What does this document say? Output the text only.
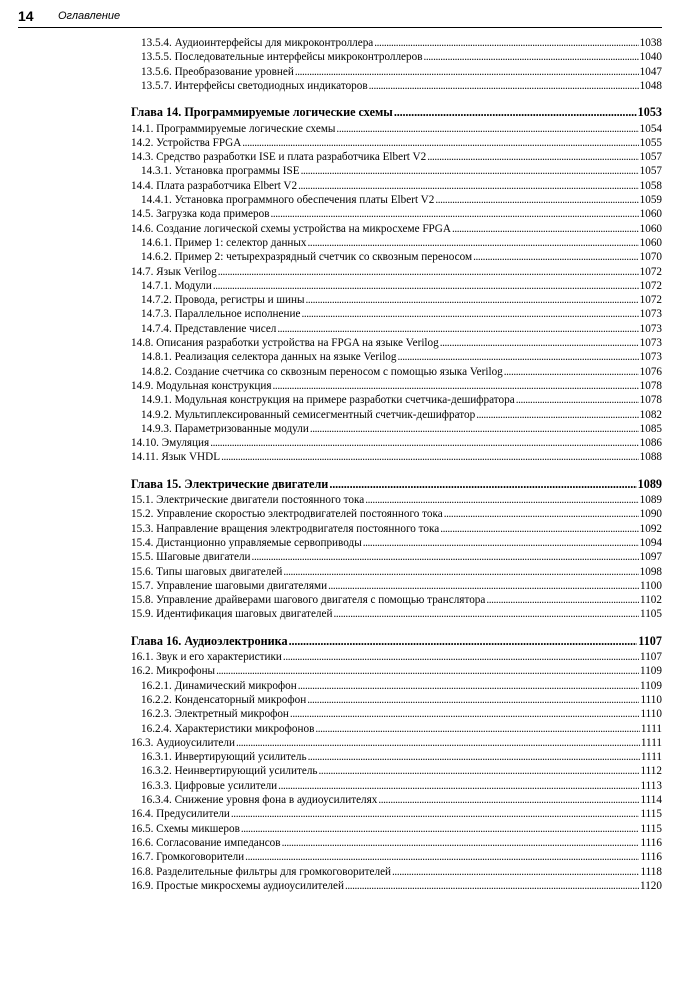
14 Оглавление
13.5.4. Аудиоинтерфейсы для микроконтроллера . . .	1038
13.5.5. Последовательные интерфейсы микроконтроллеров . . .	1040
13.5.6. Преобразование уровней . . .	1047
13.5.7. Интерфейсы светодиодных индикаторов . . .	1048
Глава 14. Программируемые логические схемы . . .	1053
14.1. Программируемые логические схемы . . .	1054
14.2. Устройства FPGA . . .	1055
14.3. Средство разработки ISE и плата разработчика Elbert V2 . . .	1057
14.3.1. Установка программы ISE . . .	1057
14.4. Плата разработчика Elbert V2 . . .	1058
14.4.1. Установка программного обеспечения платы Elbert V2 . . .	1059
14.5. Загрузка кода примеров . . .	1060
14.6. Создание логической схемы устройства на микросхеме FPGA . . .	1060
14.6.1. Пример 1: селектор данных . . .	1060
14.6.2. Пример 2: четырехразрядный счетчик со сквозным переносом . . .	1070
14.7. Язык Verilog . . .	1072
14.7.1. Модули . . .	1072
14.7.2. Провода, регистры и шины . . .	1072
14.7.3. Параллельное исполнение . . .	1073
14.7.4. Представление чисел . . .	1073
14.8. Описания разработки устройства на FPGA на языке Verilog . . .	1073
14.8.1. Реализация селектора данных на языке Verilog . . .	1073
14.8.2. Создание счетчика со сквозным переносом с помощью языка Verilog . . .	1076
14.9. Модульная конструкция . . .	1078
14.9.1. Модульная конструкция на примере разработки счетчика-дешифратора . . .	1078
14.9.2. Мультиплексированный семисегментный счетчик-дешифратор . . .	1082
14.9.3. Параметризованные модули . . .	1085
14.10. Эмуляция . . .	1086
14.11. Язык VHDL . . .	1088
Глава 15. Электрические двигатели . . .	1089
15.1. Электрические двигатели постоянного тока . . .	1089
15.2. Управление скоростью электродвигателей постоянного тока . . .	1090
15.3. Направление вращения электродвигателя постоянного тока . . .	1092
15.4. Дистанционно управляемые сервоприводы . . .	1094
15.5. Шаговые двигатели . . .	1097
15.6. Типы шаговых двигателей . . .	1098
15.7. Управление шаговыми двигателями . . .	1100
15.8. Управление драйверами шагового двигателя с помощью транслятора . . .	1102
15.9. Идентификация шаговых двигателей . . .	1105
Глава 16. Аудиоэлектроника . . .	1107
16.1. Звук и его характеристики . . .	1107
16.2. Микрофоны . . .	1109
16.2.1. Динамический микрофон . . .	1109
16.2.2. Конденсаторный микрофон . . .	1110
16.2.3. Электретный микрофон . . .	1110
16.2.4. Характеристики микрофонов . . .	1111
16.3. Аудиоусилители . . .	1111
16.3.1. Инвертирующий усилитель . . .	1111
16.3.2. Неинвертирующий усилитель . . .	1112
16.3.3. Цифровые усилители . . .	1113
16.3.4. Снижение уровня фона в аудиоусилителях . . .	1114
16.4. Предусилители . . .	1115
16.5. Схемы микшеров . . .	1115
16.6. Согласование импедансов . . .	1116
16.7. Громкоговорители . . .	1116
16.8. Разделительные фильтры для громкоговорителей . . .	1118
16.9. Простые микросхемы аудиоусилителей . . .	1120
